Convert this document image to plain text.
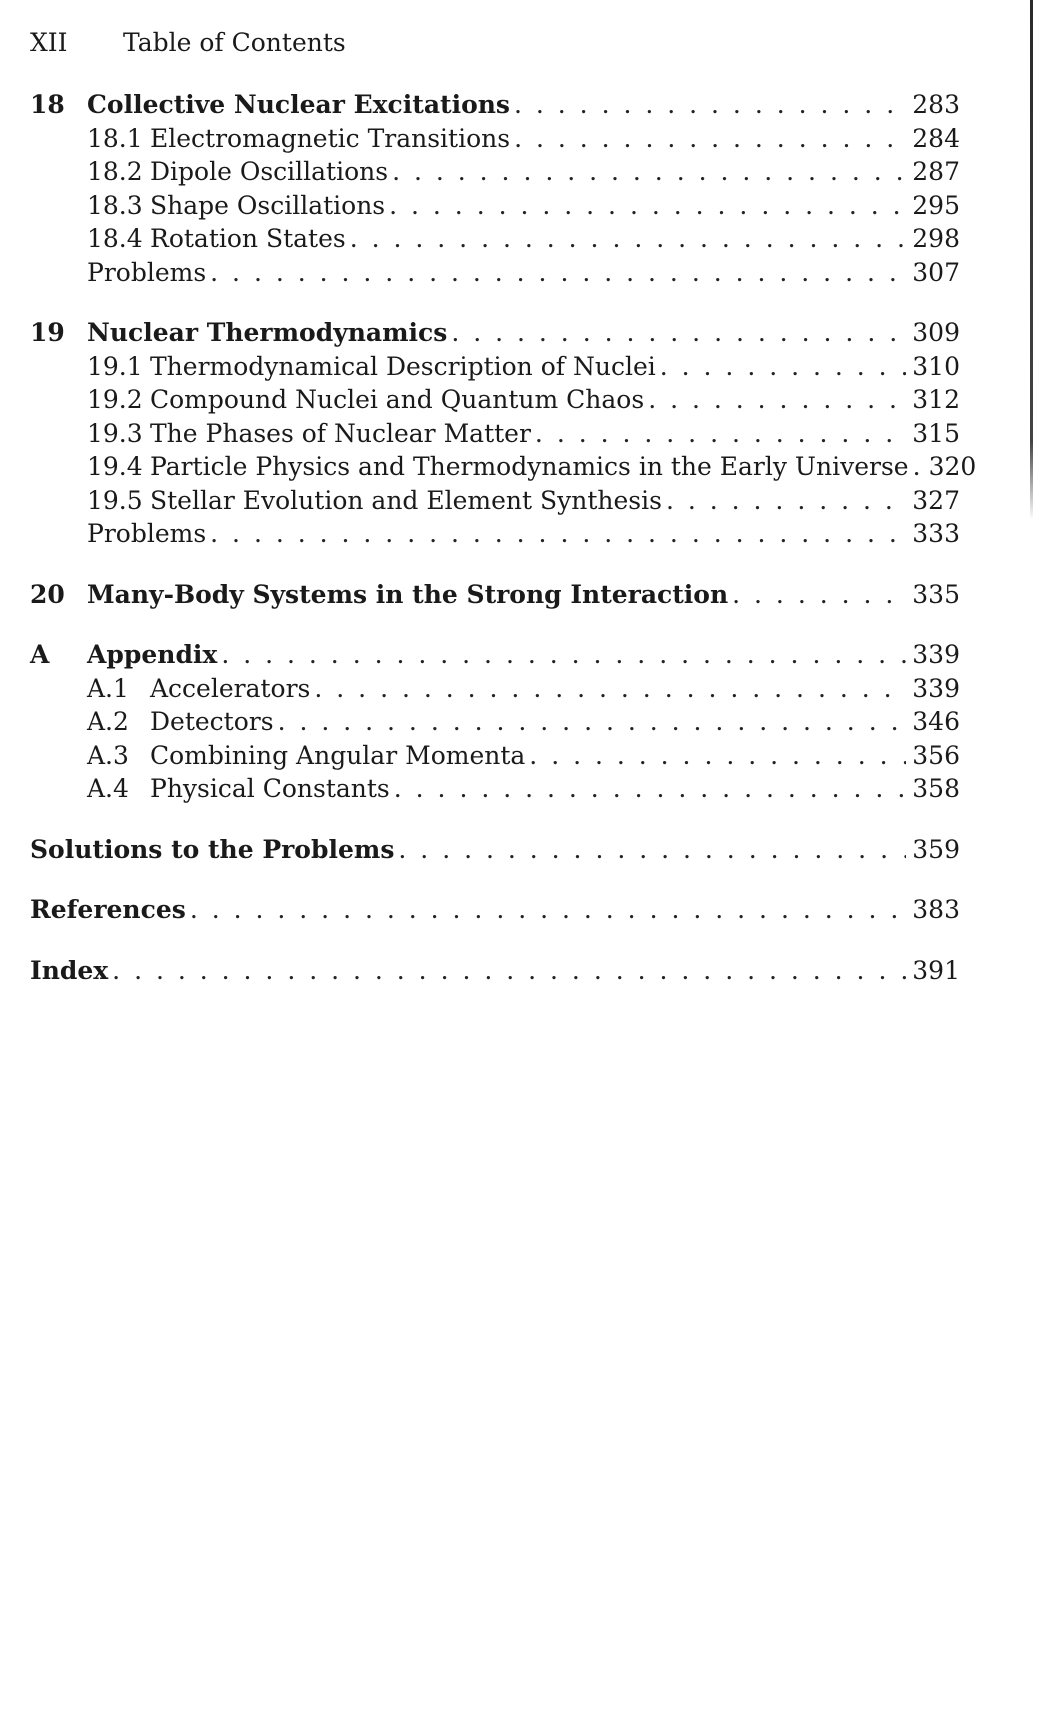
XII	Table of Contents
18 Collective Nuclear Excitations . . .	283
18.1 Electromagnetic Transitions . . .	284
18.2 Dipole Oscillations . . .	287
18.3 Shape Oscillations . . .	295
18.4 Rotation States . . .	298
Problems . . .	307
19 Nuclear Thermodynamics . . .	309
19.1 Thermodynamical Description of Nuclei . . .	310
19.2 Compound Nuclei and Quantum Chaos . . .	312
19.3 The Phases of Nuclear Matter . . .	315
19.4 Particle Physics and Thermodynamics in the Early Universe . . . 320
19.5 Stellar Evolution and Element Synthesis . . .	327
Problems . . .	333
20 Many-Body Systems in the Strong Interaction . . .	335
A	Appendix . . .	339
A.1 Accelerators . . .	339
A.2 Detectors . . .	346
A.3 Combining Angular Momenta . . .	356
A.4 Physical Constants . . .	358
Solutions to the Problems . . .	359
References . . .	383
Index . . .	391
